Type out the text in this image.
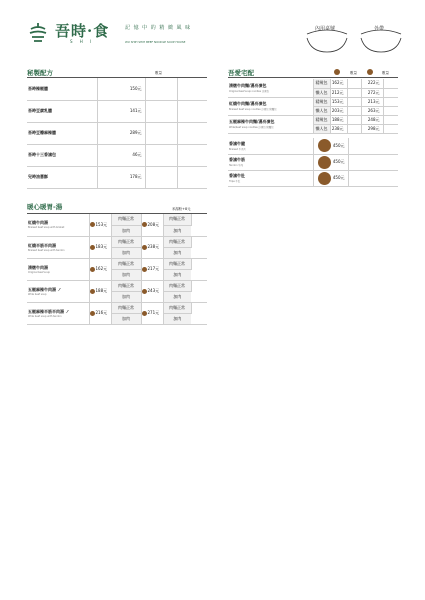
吾時·食
S H I
記 憶 中 的 精 緻 風 味
WU SHIH SHIH BEEF NOODLE SOUP HOUSE
內用桌號	外帶
秘製配方	數量
吾時辣椒醬	150元		
吾時豆腐乳醬	141元		
吾時豆瓣麻辣醬	289元		
吾時十三香滷包	46元		
兒時油蔥酥	178元		
吾愛宅配	數量	數量
清燉牛肉麵/湯冷凍包
Original beef soup noodles 冷凍包	精緻包	162元		222元	
	懶人包	212元		272元	
紅燒牛肉麵/湯冷凍包
Braised beef soup noodles 冷凍包 附麵包	精緻包	153元		213元	
	懶人包	203元		263元	
五椒麻辣牛肉麵/湯冷凍包
Wide/beef soup noodles 冷凍包 附麵包	精緻包	188元		248元	
	懶人包	238元		298元	
香滷牛腱
Braised 牛肉片	450元	
香滷牛筋
Tendon 牛肉	450元	
香滷牛肚
Tripe 牛肚	450元	
暖心暖胃-湯	米湯粉+8元
紅燒牛肉湯
Braised beef soup with brisket	153元	肉麵正常	208元	肉麵正常	
		加肉		加肉	
紅燒半筋半肉湯
Braised beef soup with tendon	183元	肉麵正常	238元	肉麵正常	
		加肉		加肉	
清燉牛肉湯
Original beef soup	162元	肉麵正常	217元	肉麵正常	
		加肉		加肉	
五椒麻辣牛肉湯 ノ
Wide beef soup	188元	肉麵正常	243元	肉麵正常	
		加肉		加肉	
五椒麻辣半筋半肉湯 ノ
Wide beef soup with tendon	216元	肉麵正常	271元	肉麵正常	
		加肉		加肉	
